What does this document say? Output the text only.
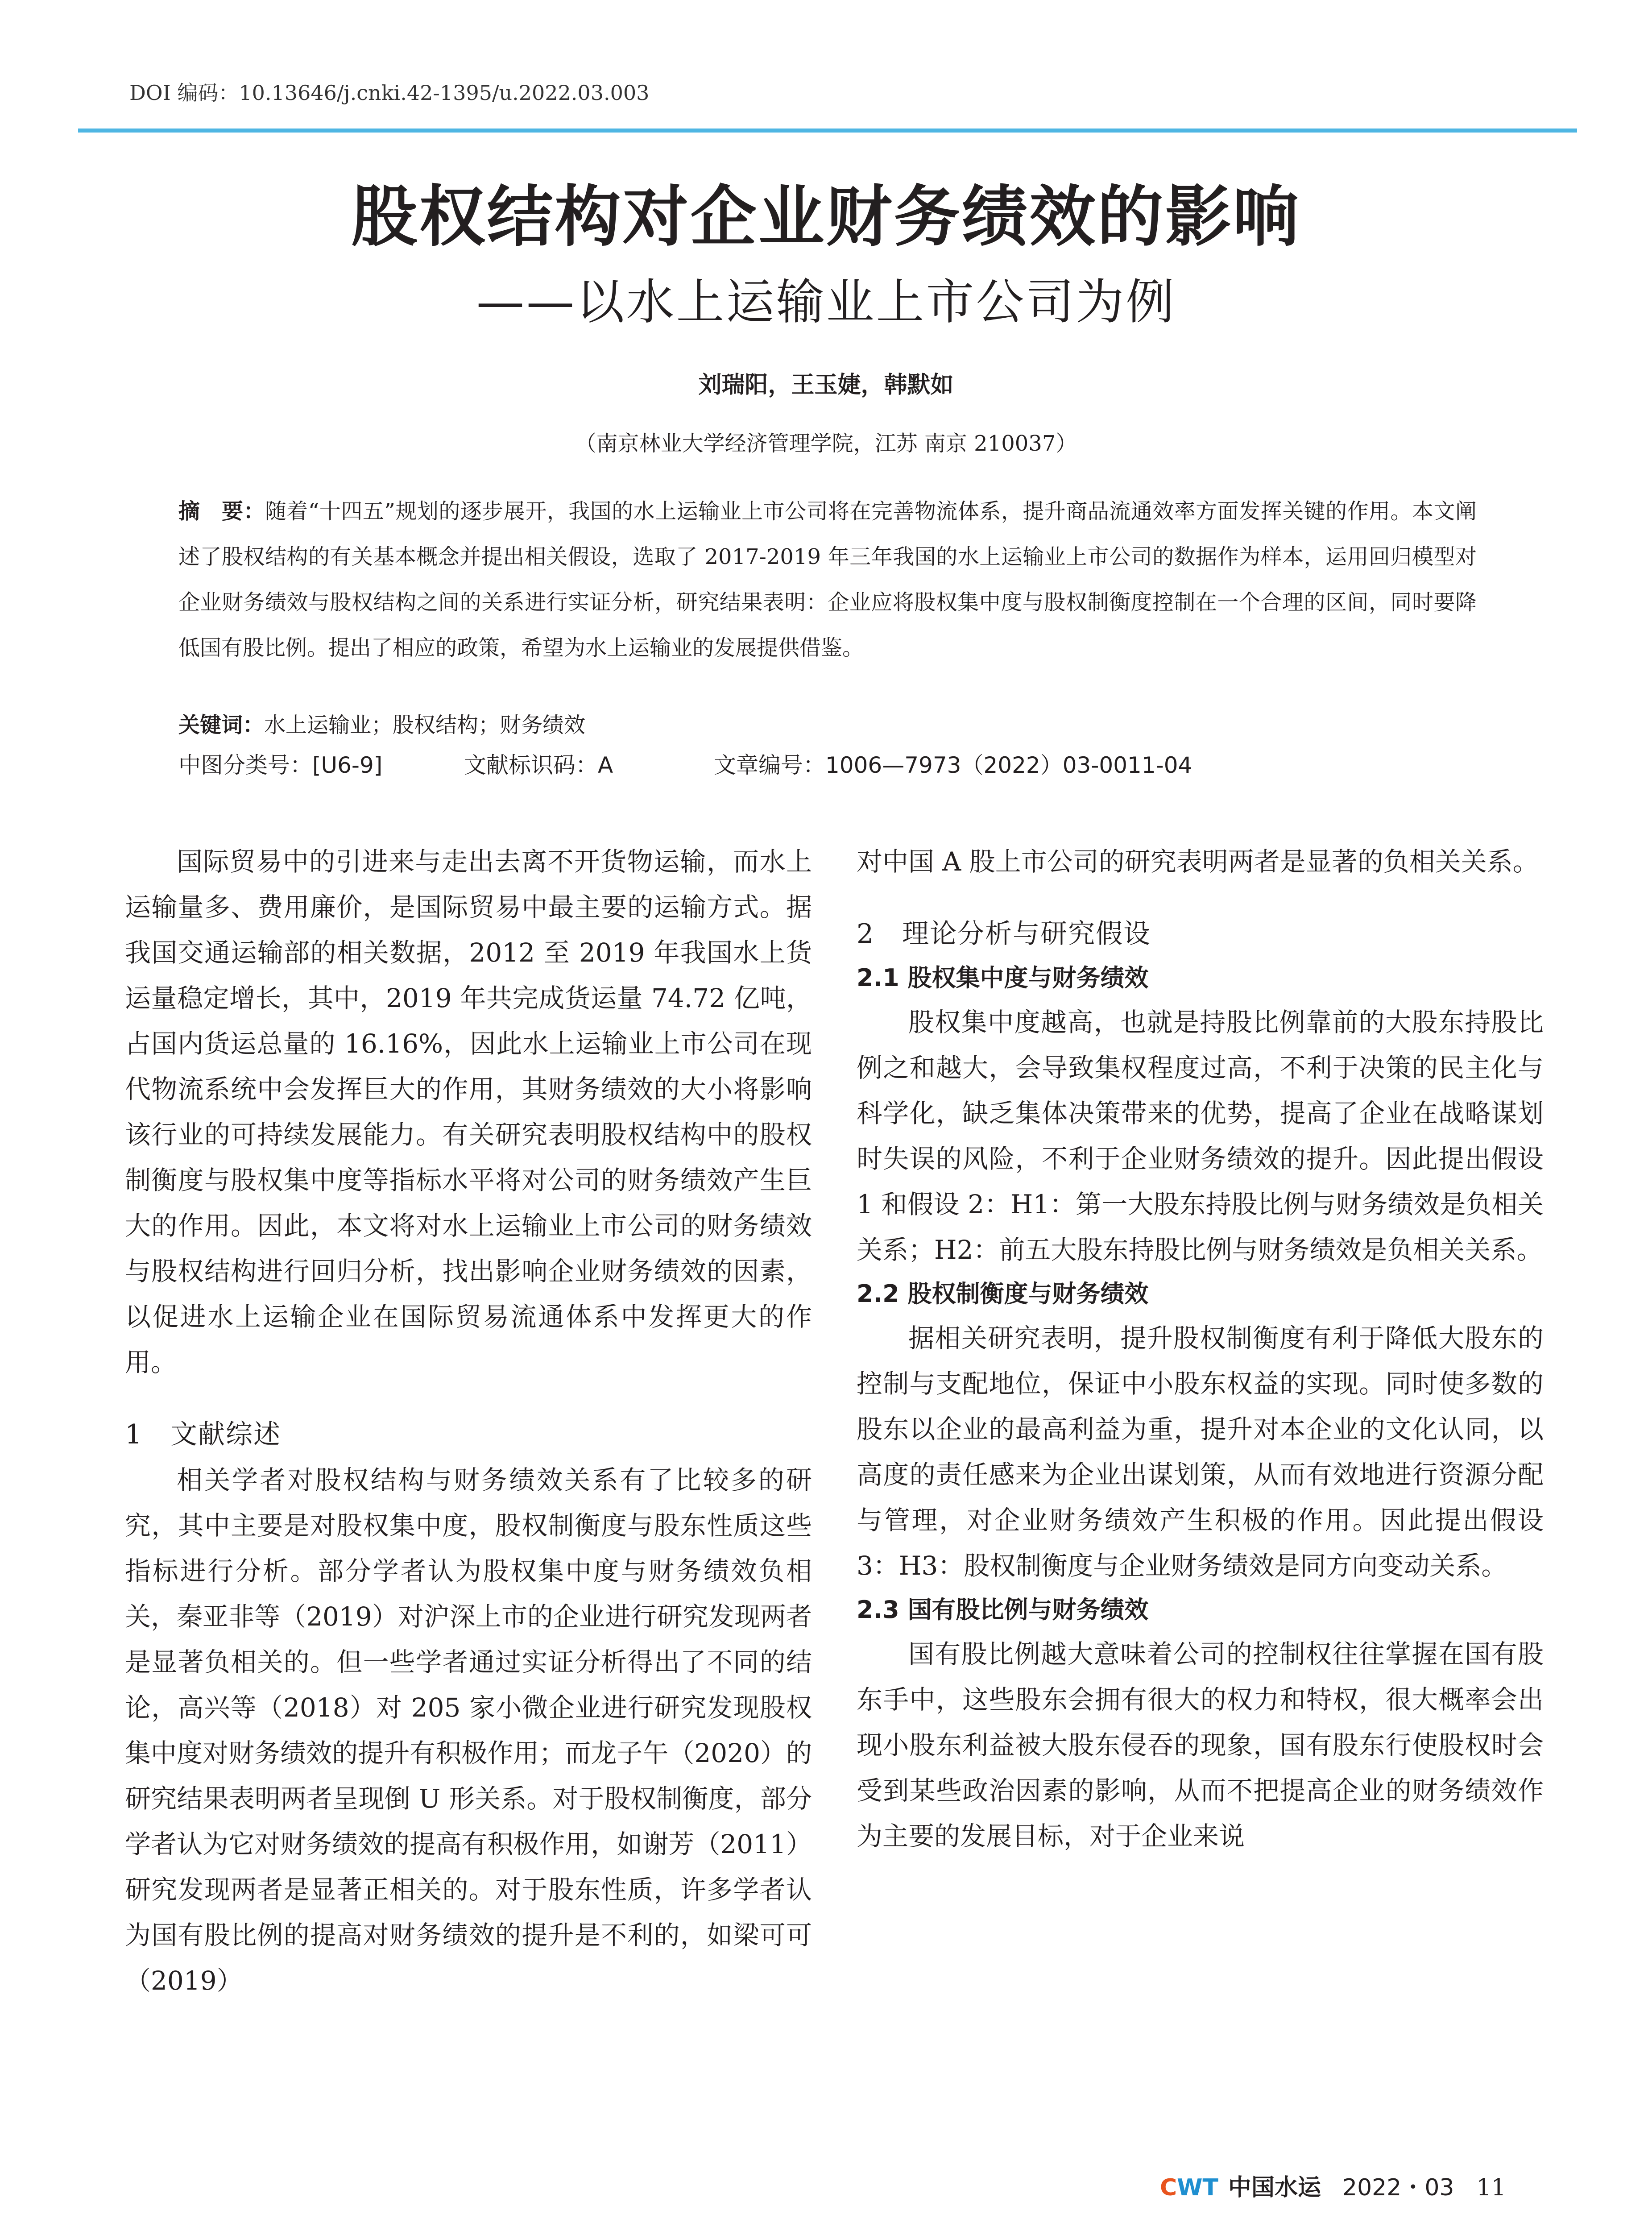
DOI 编码：10.13646/j.cnki.42-1395/u.2022.03.003
股权结构对企业财务绩效的影响
——以水上运输业上市公司为例
刘瑞阳，王玉婕，韩默如
（南京林业大学经济管理学院，江苏 南京 210037）
摘　要：随着“十四五”规划的逐步展开，我国的水上运输业上市公司将在完善物流体系，提升商品流通效率方面发挥关键的作用。本文阐述了股权结构的有关基本概念并提出相关假设，选取了 2017-2019 年三年我国的水上运输业上市公司的数据作为样本，运用回归模型对企业财务绩效与股权结构之间的关系进行实证分析，研究结果表明：企业应将股权集中度与股权制衡度控制在一个合理的区间，同时要降低国有股比例。提出了相应的政策，希望为水上运输业的发展提供借鉴。
关键词：水上运输业；股权结构；财务绩效
中图分类号：[U6-9]	文献标识码：A	文章编号：1006—7973（2022）03-0011-04

国际贸易中的引进来与走出去离不开货物运输，而水上运输量多、费用廉价，是国际贸易中最主要的运输方式。据我国交通运输部的相关数据，2012 至 2019 年我国水上货运量稳定增长，其中，2019 年共完成货运量 74.72 亿吨，占国内货运总量的 16.16%，因此水上运输业上市公司在现代物流系统中会发挥巨大的作用，其财务绩效的大小将影响该行业的可持续发展能力。有关研究表明股权结构中的股权制衡度与股权集中度等指标水平将对公司的财务绩效产生巨大的作用。因此，本文将对水上运输业上市公司的财务绩效与股权结构进行回归分析，找出影响企业财务绩效的因素，以促进水上运输企业在国际贸易流通体系中发挥更大的作用。

1　文献综述

相关学者对股权结构与财务绩效关系有了比较多的研究，其中主要是对股权集中度，股权制衡度与股东性质这些指标进行分析。部分学者认为股权集中度与财务绩效负相关，秦亚非等（2019）对沪深上市的企业进行研究发现两者是显著负相关的。但一些学者通过实证分析得出了不同的结论，高兴等（2018）对 205 家小微企业进行研究发现股权集中度对财务绩效的提升有积极作用；而龙子午（2020）的研究结果表明两者呈现倒 U 形关系。对于股权制衡度，部分学者认为它对财务绩效的提高有积极作用，如谢芳（2011）研究发现两者是显著正相关的。对于股东性质，许多学者认为国有股比例的提高对财务绩效的提升是不利的，如梁可可（2019）

对中国 A 股上市公司的研究表明两者是显著的负相关关系。

2　理论分析与研究假设
2.1 股权集中度与财务绩效

股权集中度越高，也就是持股比例靠前的大股东持股比例之和越大，会导致集权程度过高，不利于决策的民主化与科学化，缺乏集体决策带来的优势，提高了企业在战略谋划时失误的风险，不利于企业财务绩效的提升。因此提出假设 1 和假设 2：H1：第一大股东持股比例与财务绩效是负相关关系；H2：前五大股东持股比例与财务绩效是负相关关系。

2.2 股权制衡度与财务绩效

据相关研究表明，提升股权制衡度有利于降低大股东的控制与支配地位，保证中小股东权益的实现。同时使多数的股东以企业的最高利益为重，提升对本企业的文化认同，以高度的责任感来为企业出谋划策，从而有效地进行资源分配与管理，对企业财务绩效产生积极的作用。因此提出假设 3：H3：股权制衡度与企业财务绩效是同方向变动关系。

2.3 国有股比例与财务绩效

国有股比例越大意味着公司的控制权往往掌握在国有股东手中，这些股东会拥有很大的权力和特权，很大概率会出现小股东利益被大股东侵吞的现象，国有股东行使股权时会受到某些政治因素的影响，从而不把提高企业的财务绩效作为主要的发展目标，对于企业来说

CWT 中国水运 2022・03 11
